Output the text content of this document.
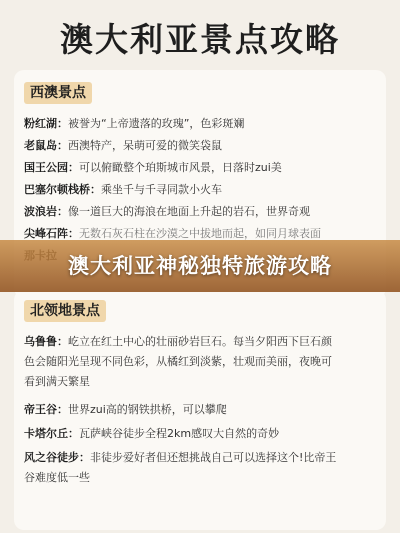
澳大利亚景点攻略
西澳景点
粉红湖：被誉为“上帝遗落的玫瑰”，色彩斑斓
老鼠岛：西澳特产，呆萌可爱的微笑袋鼠
国王公园：可以俯瞰整个珀斯城市风景，日落时zui美
巴塞尔顿栈桥：乘坐千与千寻同款小火车
波浪岩：像一道巨大的海浪在地面上升起的岩石，世界奇观
尖峰石阵：无数石灰石柱在沙漠之中拔地而起，如同月球表面
北领地景点
乌鲁鲁：屹立在红土中心的壮丽砂岩巨石。每当夕阳西下巨石颜
色会随阳光呈现不同色彩，从橘红到淡紫，壮观而美丽，夜晚可
看到满天繁星
帝王谷：世界zui高的钢铁拱桥，可以攀爬
卡塔尔丘：瓦萨峡谷徒步全程2km感叹大自然的奇妙
风之谷徒步：非徒步爱好者但还想挑战自己可以选择这个!比帝王
谷难度低一些
澳大利亚神秘独特旅游攻略
